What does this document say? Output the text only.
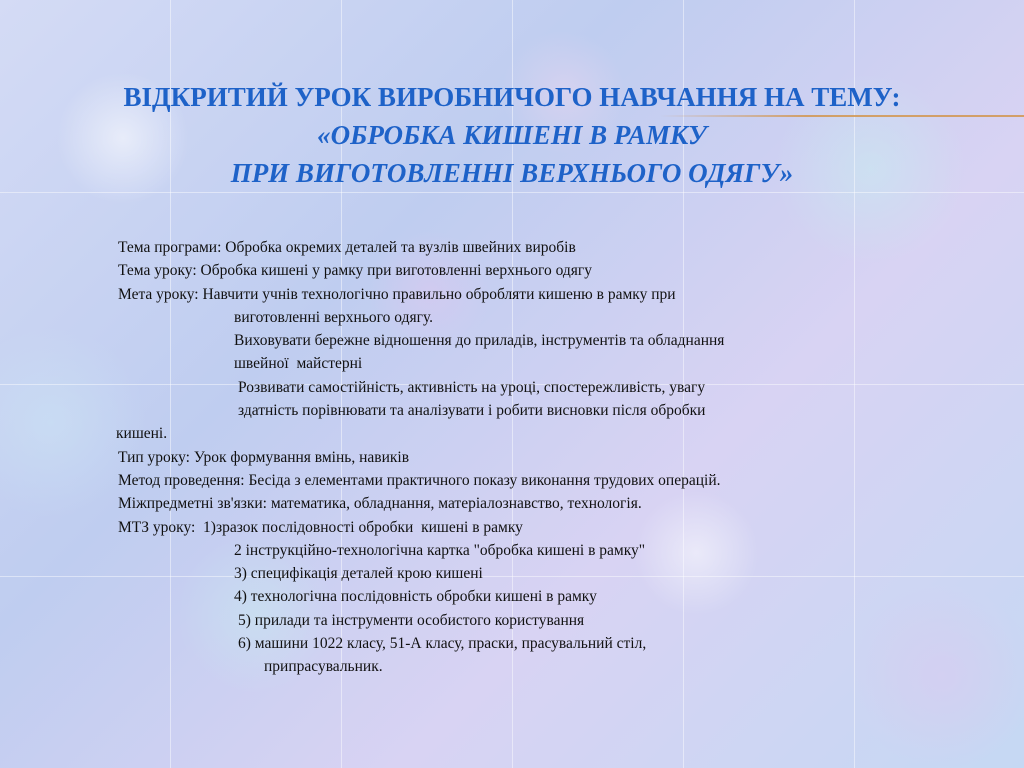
ВІДКРИТИЙ УРОК ВИРОБНИЧОГО НАВЧАННЯ НА ТЕМУ:
«ОБРОБКА КИШЕНІ В РАМКУ
ПРИ ВИГОТОВЛЕННІ ВЕРХНЬОГО ОДЯГУ»
Тема програми: Обробка окремих деталей та вузлів швейних виробів
Тема уроку: Обробка кишені у рамку при виготовленні верхнього одягу
Мета уроку: Навчити учнів технологічно правильно обробляти кишеню в рамку при
виготовленні верхнього одягу.
Виховувати бережне відношення до приладів, інструментів та обладнання
швейної  майстерні
Розвивати самостійність, активність на уроці, спостережливість, увагу
здатність порівнювати та аналізувати і робити висновки після обробки
кишені.
Тип уроку: Урок формування вмінь, навиків
Метод проведення: Бесіда з елементами практичного показу виконання трудових операцій.
Міжпредметні зв'язки: математика, обладнання, матеріалознавство, технологія.
МТЗ уроку:  1)зразок послідовності обробки  кишені в рамку
2 інструкційно-технологічна картка "обробка кишені в рамку"
3) специфікація деталей крою кишені
4) технологічна послідовність обробки кишені в рамку
5) прилади та інструменти особистого користування
6) машини 1022 класу, 51-А класу, праски, прасувальний стіл,
припрасувальник.
